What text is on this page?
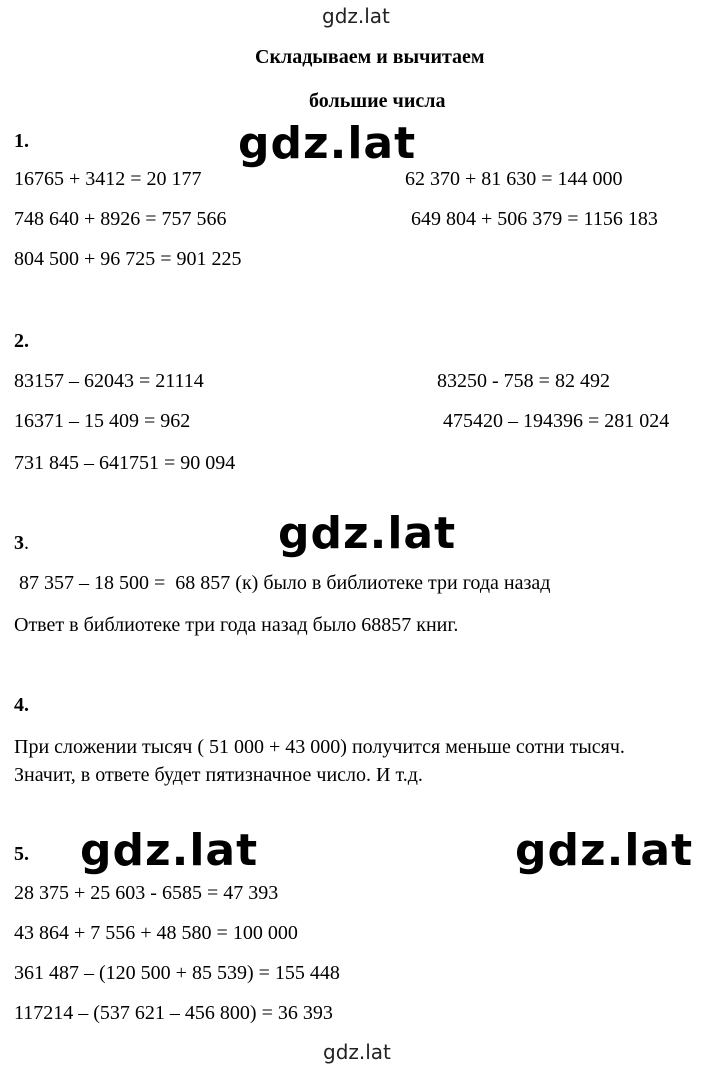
gdz.lat
gdz.lat
gdz.lat
gdz.lat
gdz.lat	gdz.lat
Складываем и вычитаем
большие числа
1.
16765 + 3412 = 20 177
748 640 + 8926 = 757 566
804 500 + 96 725 = 901 225
62 370 + 81 630 = 144 000
649 804 + 506 379 = 1156 183
2.
83157 – 62043 = 21114
16371 – 15 409 = 962
731 845 – 641751 = 90 094
83250 - 758 = 82 492
475420 – 194396 = 281 024
3.
87 357 – 18 500 =  68 857 (к) было в библиотеке три года назад
Ответ в библиотеке три года назад было 68857 книг.
4.
При сложении тысяч ( 51 000 + 43 000) получится меньше сотни тысяч.
Значит, в ответе будет пятизначное число. И т.д.
5.
28 375 + 25 603 - 6585 = 47 393
43 864 + 7 556 + 48 580 = 100 000
361 487 – (120 500 + 85 539) = 155 448
117214 – (537 621 – 456 800) = 36 393
